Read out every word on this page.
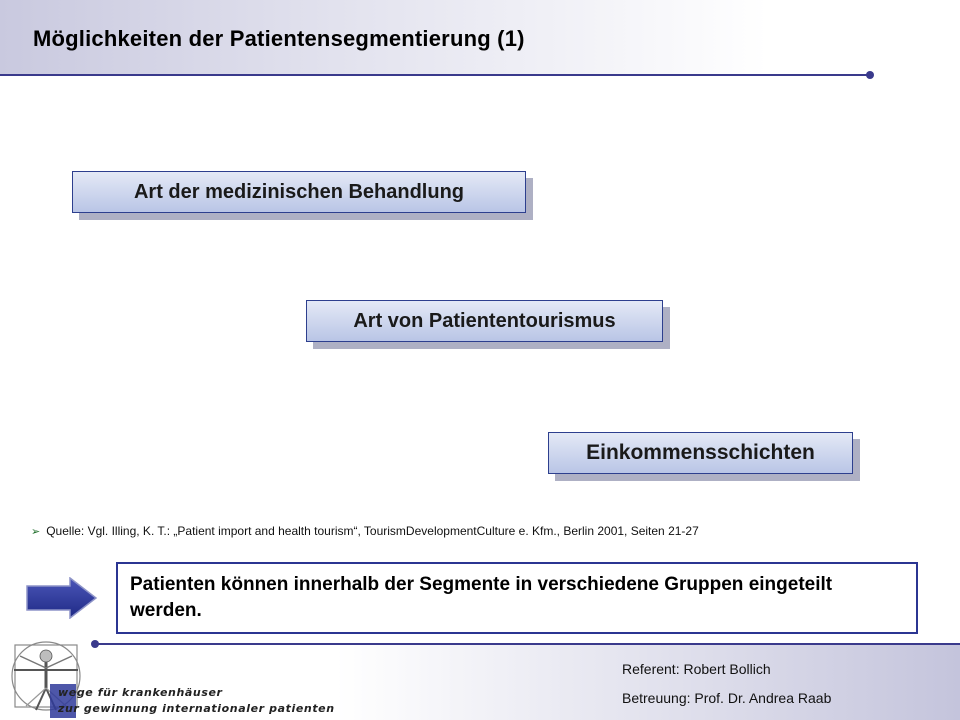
Möglichkeiten der Patientensegmentierung (1)
Art der medizinischen Behandlung
Art von Patiententourismus
Einkommensschichten
➢ Quelle: Vgl. Illing, K. T.: „Patient import and health tourism“, TourismDevelopmentCulture e. Kfm., Berlin 2001, Seiten 21-27
Patienten können innerhalb der Segmente in verschiedene Gruppen eingeteilt werden.
wege für krankenhäuser
zur gewinnung internationaler patienten
Referent: Robert Bollich
Betreuung: Prof. Dr. Andrea Raab
